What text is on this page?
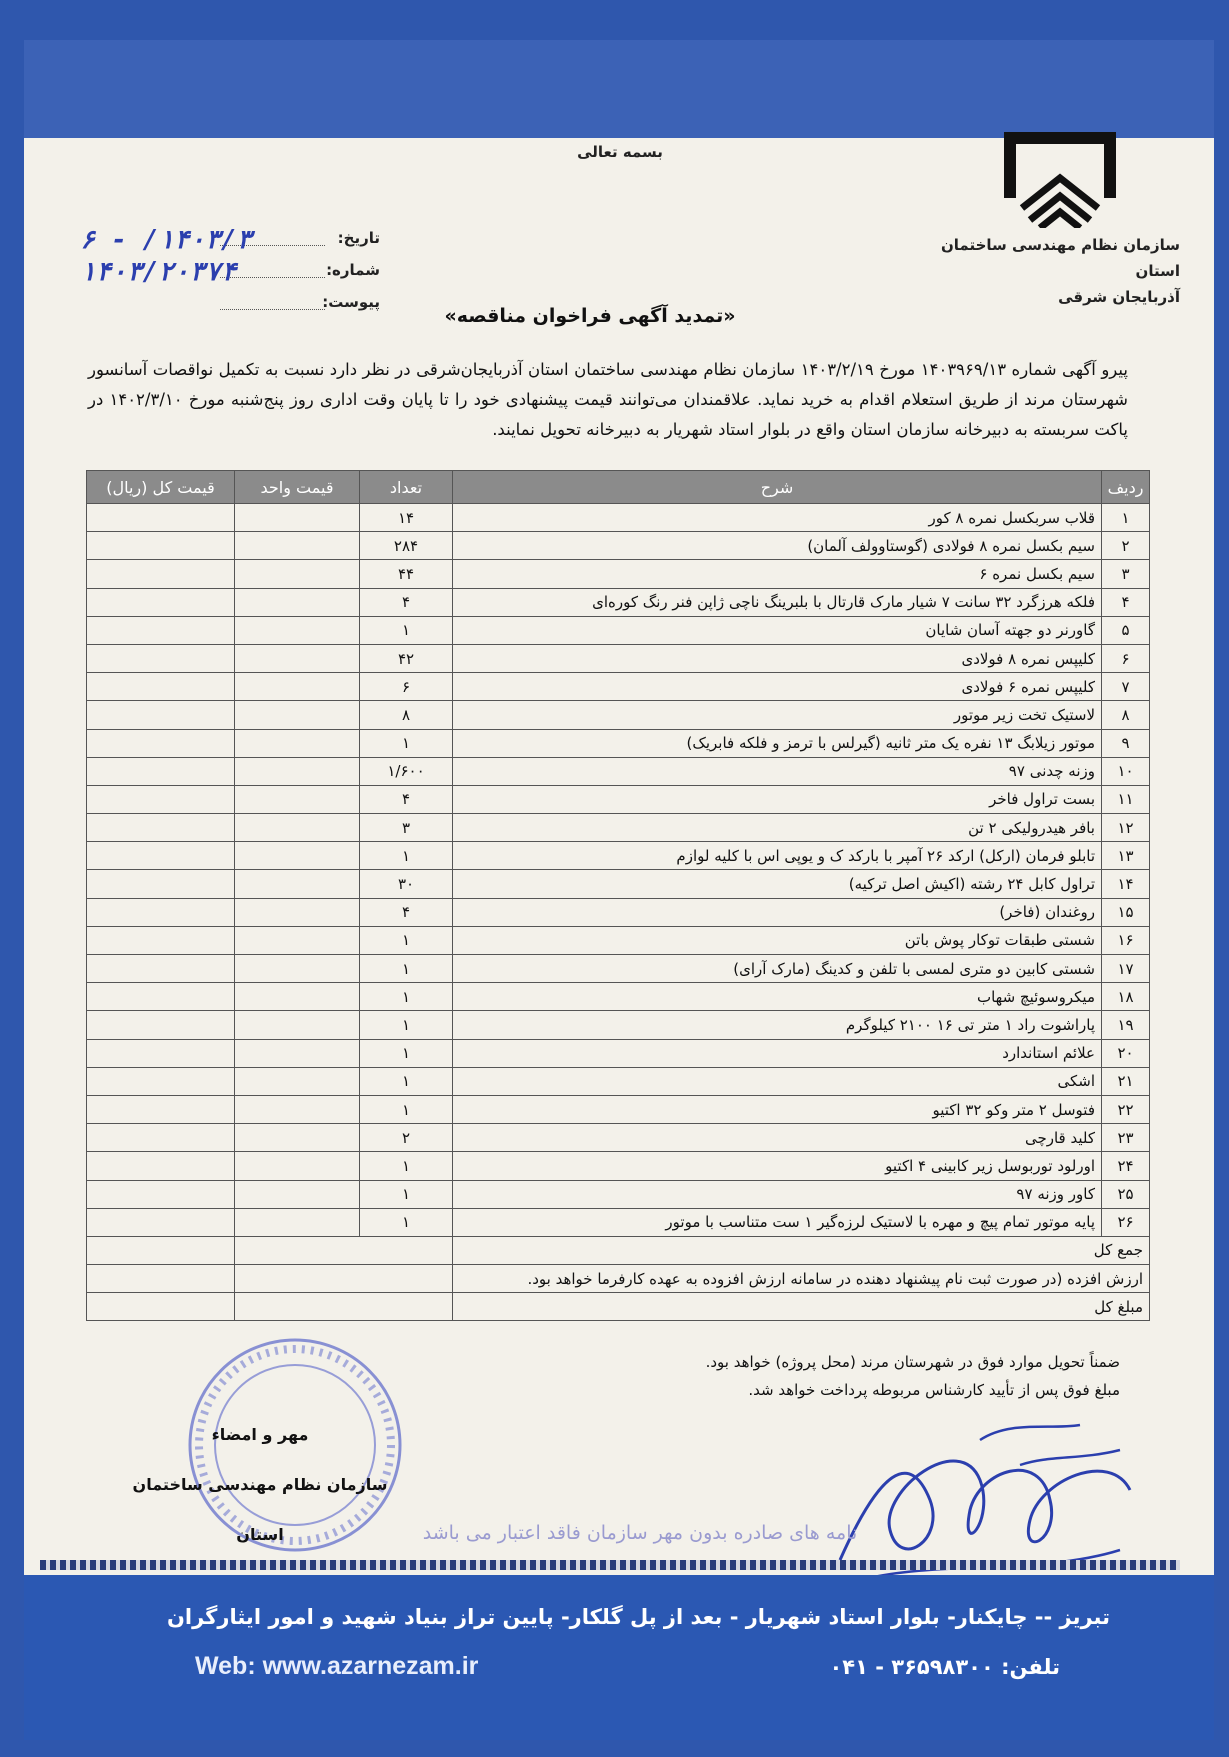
بسمه تعالی
سازمان نظام مهندسی ساختمان استان
آذربایجان شرقی
تاریخ:
۱۴۰۳/۳/ - ۶
شماره:
۱۴۰۳/۲۰۳۷۴
پیوست:
«تمدید آگهی فراخوان مناقصه»
پیرو آگهی شماره ۱۴۰۳۹۶۹/۱۳ مورخ ۱۴۰۳/۲/۱۹ سازمان نظام مهندسی ساختمان استان آذربایجان‌شرقی در نظر دارد نسبت به تکمیل نواقصات آسانسور شهرستان مرند از طریق استعلام اقدام به خرید نماید. علاقمندان می‌توانند قیمت پیشنهادی خود را تا پایان وقت اداری روز پنج‌شنبه مورخ ۱۴۰۲/۳/۱۰ در پاکت سربسته به دبیرخانه سازمان استان واقع در بلوار استاد شهریار به دبیرخانه تحویل نمایند.
ردیف	شرح	تعداد	قیمت واحد	قیمت کل (ریال)
۱	قلاب سربکسل نمره ۸ کور	۱۴		
۲	سیم بکسل نمره ۸ فولادی (گوستاوولف آلمان)	۲۸۴		
۳	سیم بکسل نمره ۶	۴۴		
۴	فلکه هرزگرد ۳۲ سانت ۷ شیار مارک قارتال با بلبرینگ ناچی ژاپن فنر رنگ کوره‌ای	۴		
۵	گاورنر دو جهته آسان شایان	۱		
۶	کلیپس نمره ۸ فولادی	۴۲		
۷	کلیپس نمره ۶ فولادی	۶		
۸	لاستیک تخت زیر موتور	۸		
۹	موتور زیلابگ ۱۳ نفره یک متر ثانیه (گیرلس با ترمز و فلکه فابریک)	۱		
۱۰	وزنه چدنی ۹۷	۱/۶۰۰		
۱۱	بست تراول فاخر	۴		
۱۲	بافر هیدرولیکی ۲ تن	۳		
۱۳	تابلو فرمان (ارکل) ارکد ۲۶ آمپر با بارکد ک و یوپی اس با کلیه لوازم	۱		
۱۴	تراول کابل ۲۴ رشته (اکیش اصل ترکیه)	۳۰		
۱۵	روغندان (فاخر)	۴		
۱۶	شستی طبقات توکار پوش باتن	۱		
۱۷	شستی کابین دو متری لمسی با تلفن و کدینگ (مارک آرای)	۱		
۱۸	میکروسوئیچ شهاب	۱		
۱۹	پاراشوت راد ۱ متر تی ۱۶ ۲۱۰۰ کیلوگرم	۱		
۲۰	علائم استاندارد	۱		
۲۱	اشکی	۱		
۲۲	فتوسل ۲ متر وکو ۳۲ اکتیو	۱		
۲۳	کلید قارچی	۲		
۲۴	اورلود توربوسل زیر کابینی ۴ اکتیو	۱		
۲۵	کاور وزنه ۹۷	۱		
۲۶	پایه موتور تمام پیچ و مهره با لاستیک لرزه‌گیر ۱ ست متناسب با موتور	۱		
جمع کل				
ارزش افزده (در صورت ثبت نام پیشنهاد دهنده در سامانه ارزش افزوده به عهده کارفرما خواهد بود.				
مبلغ کل				
ضمناً تحویل موارد فوق در شهرستان مرند (محل پروژه) خواهد بود.
مبلغ فوق پس از تأیید کارشناس مربوطه پرداخت خواهد شد.
مهر و امضاء
سازمان نظام مهندسی ساختمان استان	نامه های صادره بدون مهر سازمان فاقد اعتبار می باشد
تبریز -- چایکنار- بلوار استاد شهریار - بعد از پل گلکار- پایین تراز بنیاد شهید و امور ایثارگران
Web: www.azarnezam.ir	تلفن: ۳۶۵۹۸۳۰۰ - ۰۴۱
